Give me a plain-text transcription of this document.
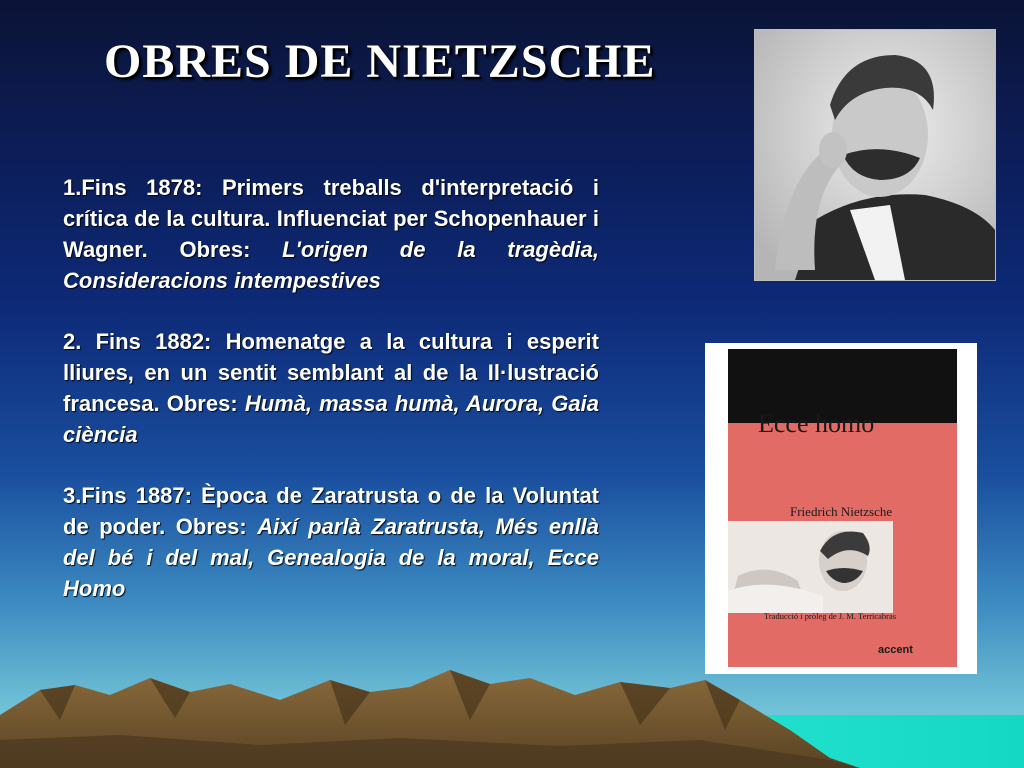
OBRES DE NIETZSCHE

1.Fins 1878: Primers treballs d'interpretació i crítica de la cultura. Influenciat per Schopenhauer i Wagner. Obres: L'origen de la tragèdia, Consideracions intempestives

2. Fins 1882: Homenatge a la cultura i esperit lliures, en un sentit semblant al de la Il·lustració francesa. Obres: Humà, massa humà, Aurora, Gaia ciència

3.Fins 1887: Època de Zaratrusta o de la Voluntat de poder. Obres: Així parlà Zaratrusta, Més enllà del bé i del mal, Genealogia de la moral, Ecce Homo

Ecce homo
Friedrich Nietzsche
Traducció i pròleg de J. M. Terricabras
accent
